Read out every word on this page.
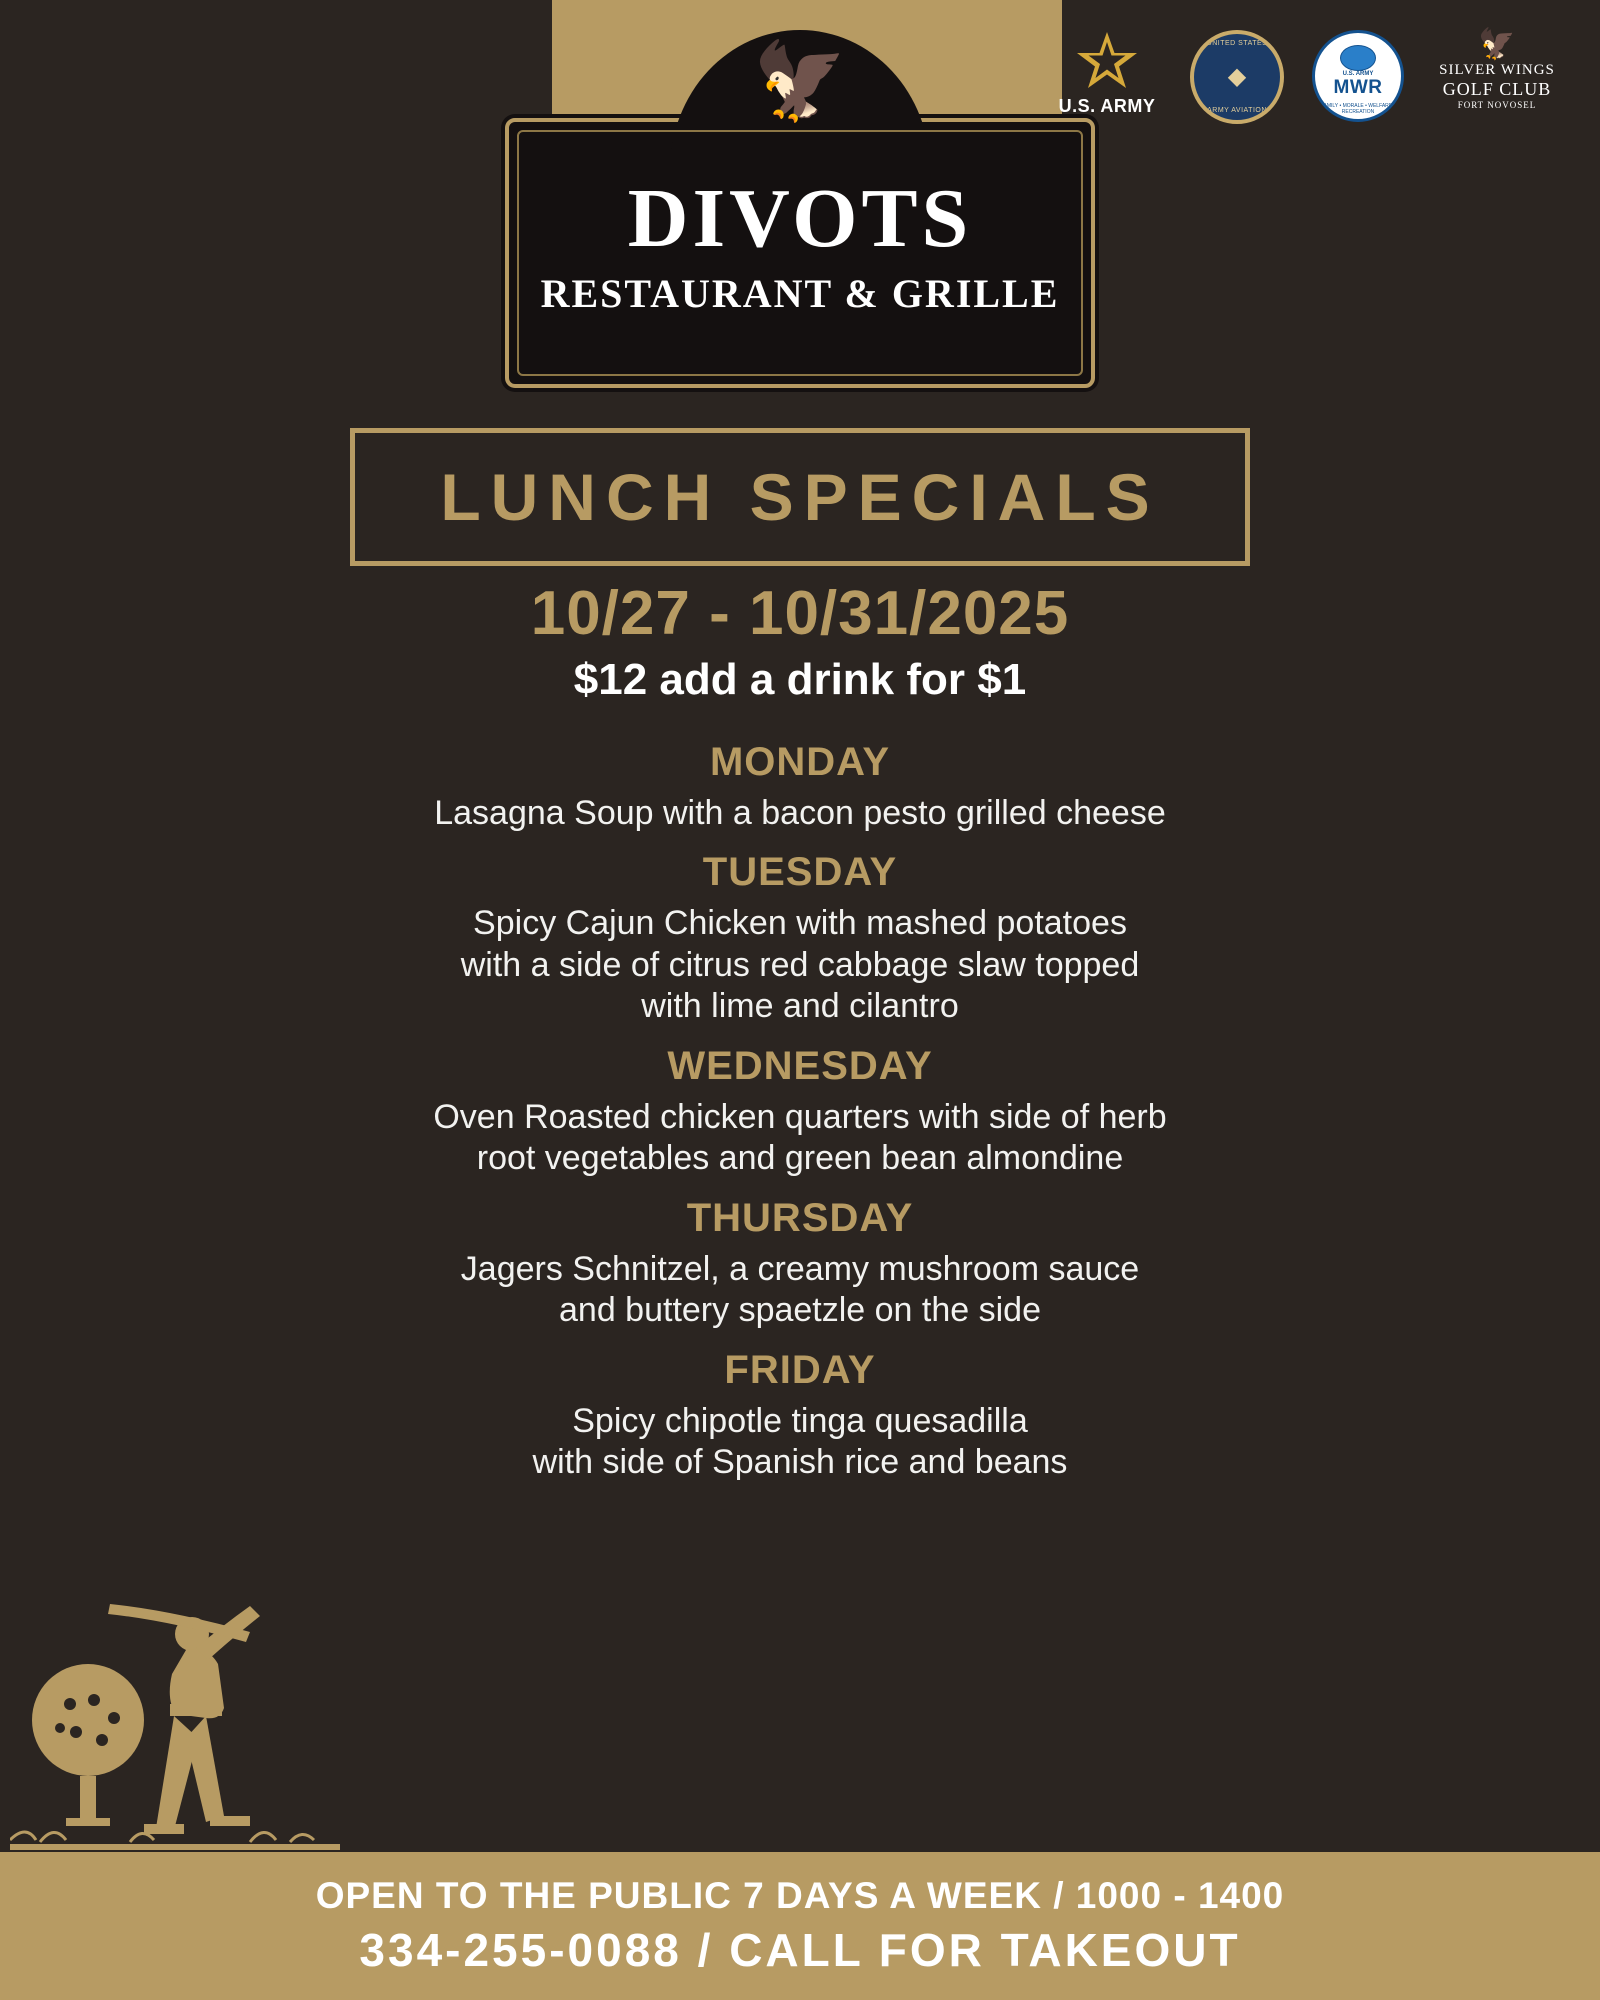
U.S. ARMY
UNITED STATES
ARMY AVIATION
◆	U.S. ARMY
MWR
FAMILY • MORALE • WELFARE • RECREATION
🦅
SILVER WINGS
GOLF CLUB
FORT NOVOSEL
🦅
DIVOTS
RESTAURANT & GRILLE
LUNCH SPECIALS
10/27 - 10/31/2025
$12 add a drink for $1
MONDAY
Lasagna Soup with a bacon pesto grilled cheese
TUESDAY
Spicy Cajun Chicken with mashed potatoes
with a side of citrus red cabbage slaw topped
with lime and cilantro
WEDNESDAY
Oven Roasted chicken quarters with side of herb
root vegetables and green bean almondine
THURSDAY
Jagers Schnitzel, a creamy mushroom sauce
and buttery spaetzle on the side
FRIDAY
Spicy chipotle tinga quesadilla
with side of Spanish rice and beans
OPEN TO THE PUBLIC 7 DAYS A WEEK / 1000 - 1400
334-255-0088 / CALL FOR TAKEOUT
